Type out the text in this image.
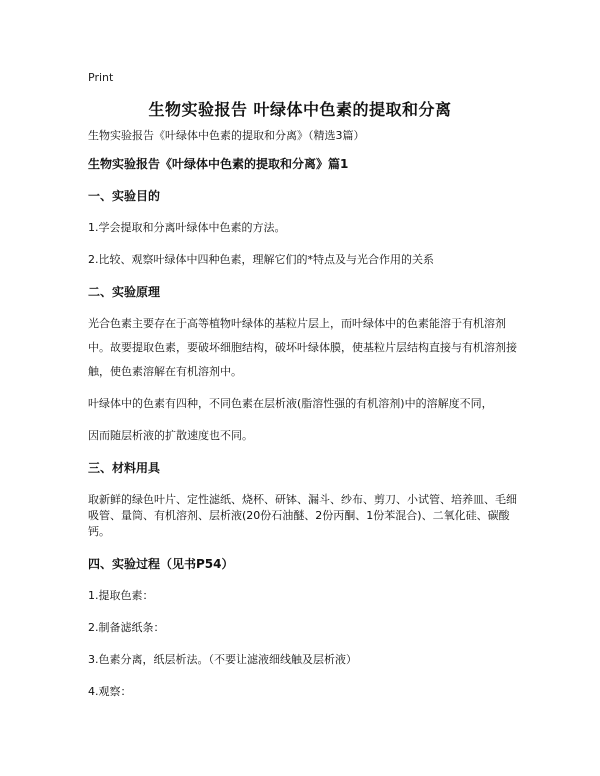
Print
生物实验报告 叶绿体中色素的提取和分离

生物实验报告《叶绿体中色素的提取和分离》（精选3篇）

生物实验报告《叶绿体中色素的提取和分离》篇1

一、实验目的

1.学会提取和分离叶绿体中色素的方法。

2.比较、观察叶绿体中四种色素，理解它们的*特点及与光合作用的关系

二、实验原理

光合色素主要存在于高等植物叶绿体的基粒片层上，而叶绿体中的色素能溶于有机溶剂

中。故要提取色素，要破坏细胞结构，破坏叶绿体膜，使基粒片层结构直接与有机溶剂接

触，使色素溶解在有机溶剂中。

叶绿体中的色素有四种，不同色素在层析液(脂溶性强的有机溶剂)中的溶解度不同，

因而随层析液的扩散速度也不同。

三、材料用具

取新鲜的绿色叶片、定性滤纸、烧杯、研钵、漏斗、纱布、剪刀、小试管、培养皿、毛细吸管、量筒、有机溶剂、层析液(20份石油醚、2份丙酮、1份苯混合)、二氧化硅、碳酸钙。

四、实验过程（见书P54）

1.提取色素：

2.制备滤纸条：

3.色素分离，纸层析法。（不要让滤液细线触及层析液）

4.观察：
